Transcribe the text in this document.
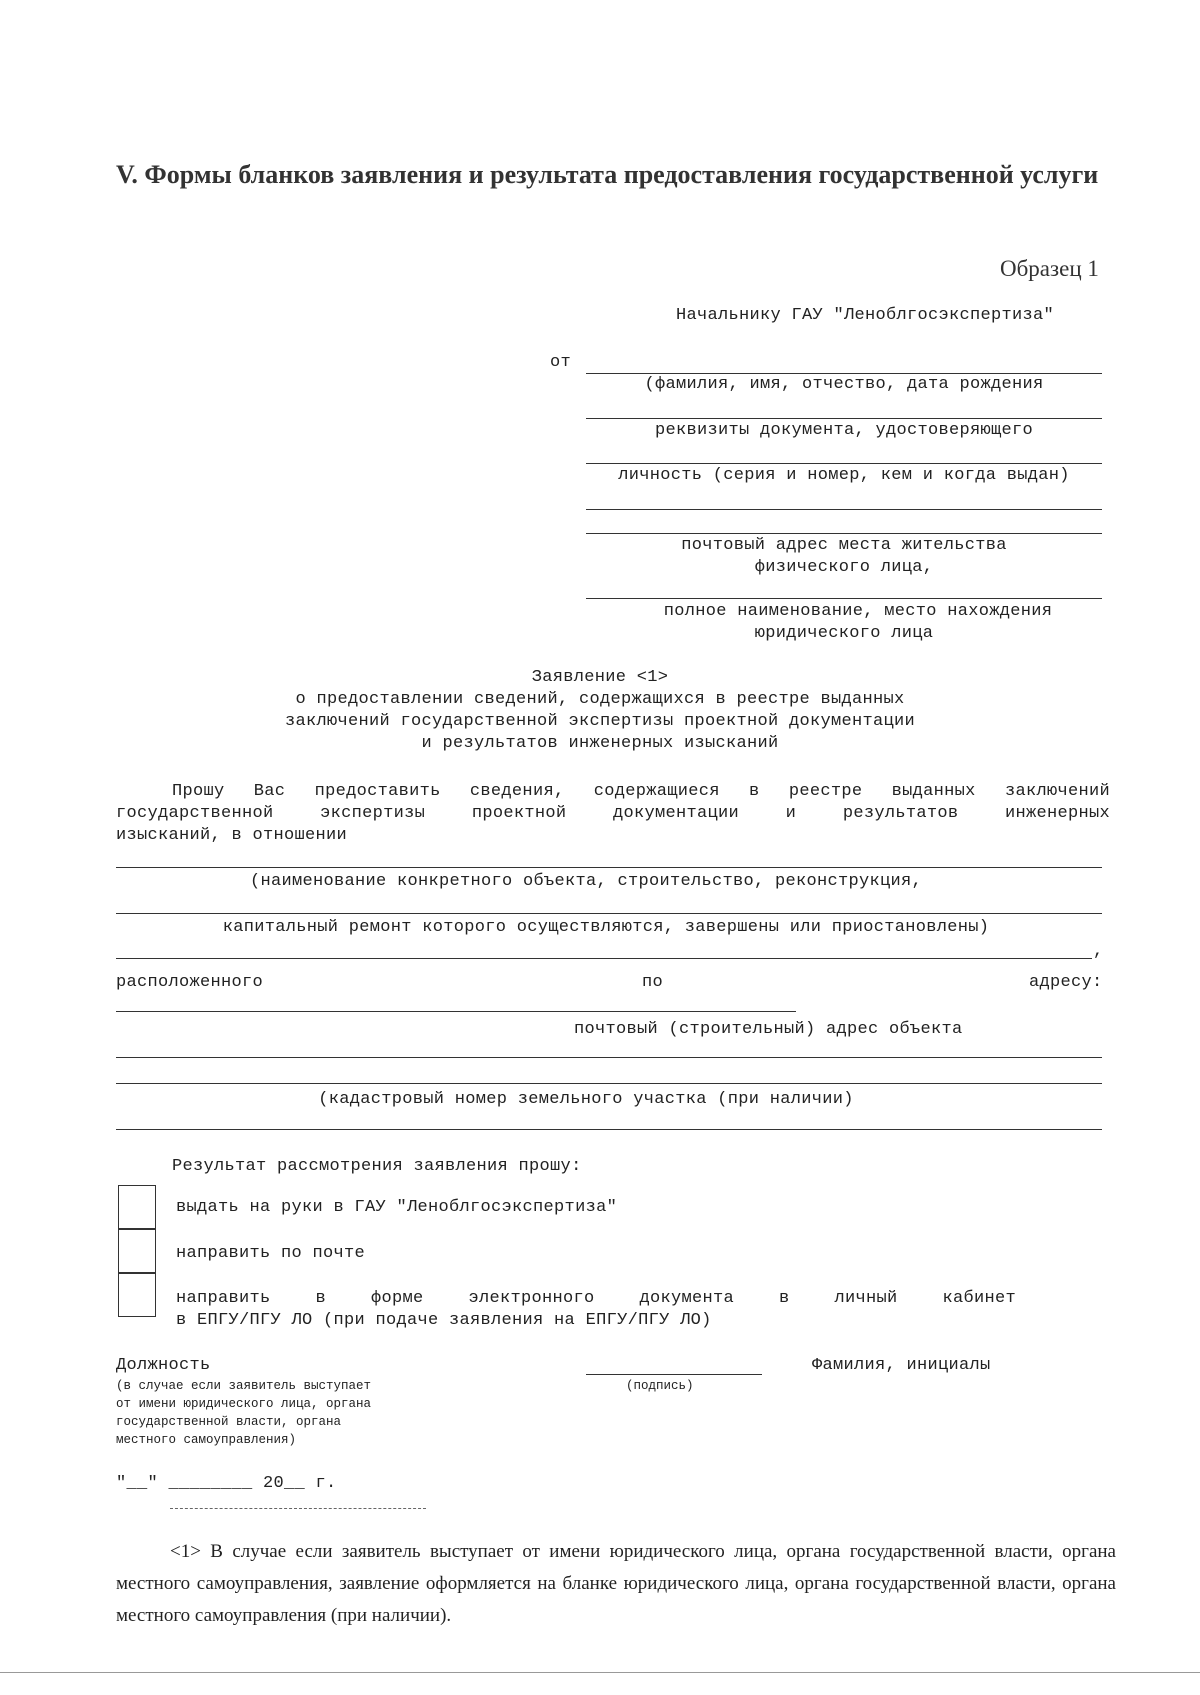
V. Формы бланков заявления и результата предоставления государственной услуги
Образец 1
Начальнику ГАУ "Леноблгосэкспертиза"
от
(фамилия, имя, отчество, дата рождения
реквизиты документа, удостоверяющего
личность (серия и номер, кем и когда выдан)
почтовый адрес места жительства
физического лица,
полное наименование, место нахождения
юридического лица
Заявление <1>
о предоставлении сведений, содержащихся в реестре выданных
заключений государственной экспертизы проектной документации
и результатов инженерных изысканий
Прошу Вас предоставить сведения, содержащиеся в реестре выданных заключений
государственной экспертизы проектной документации и результатов инженерных
изысканий, в отношении
(наименование конкретного объекта, строительство, реконструкция,
капитальный ремонт которого осуществляются, завершены или приостановлены)
,
расположенного	по	адресу:
почтовый (строительный) адрес объекта
(кадастровый номер земельного участка (при наличии)
Результат рассмотрения заявления прошу:
выдать на руки в ГАУ "Леноблгосэкспертиза"
направить по почте
направить в форме электронного документа в личный кабинет
в ЕПГУ/ПГУ ЛО (при подаче заявления на ЕПГУ/ПГУ ЛО)
Должность
(в случае если заявитель выступает
от имени юридического лица, органа
государственной власти, органа
местного самоуправления)
(подпись)
Фамилия, инициалы
"__" ________ 20__ г.
<1> В случае если заявитель выступает от имени юридического лица, органа государственной власти, органа местного самоуправления, заявление оформляется на бланке юридического лица, органа государственной власти, органа местного самоуправления (при наличии).
